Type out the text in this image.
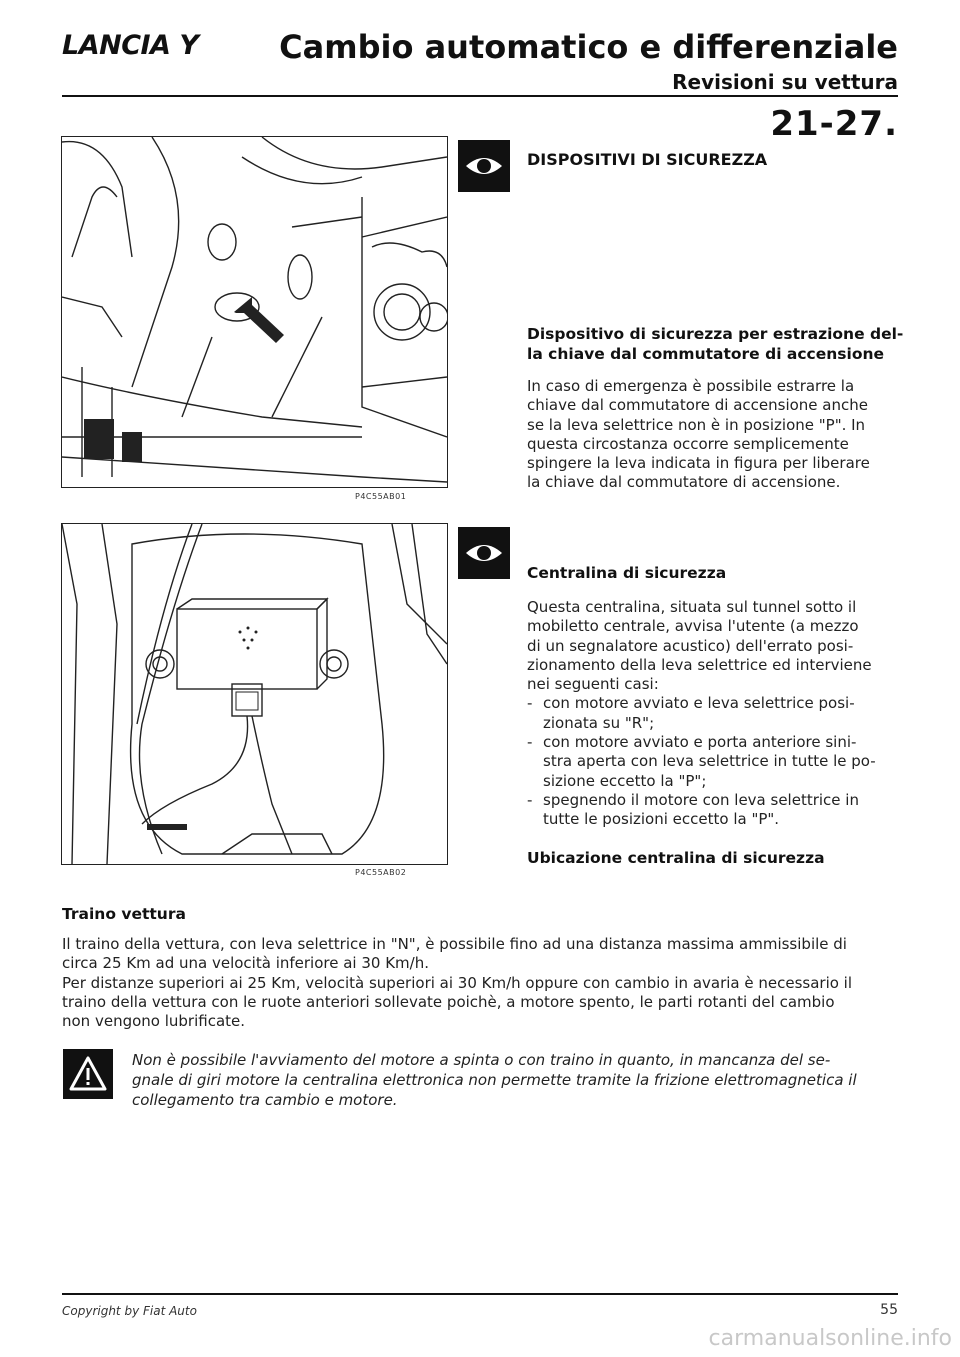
LANCIA Y	Cambio automatico e differenziale
Revisioni su vettura
21-27.
P4C55AB01
P4C55AB02
DISPOSITIVI DI SICUREZZA
Dispositivo di sicurezza per estrazione del-
la chiave dal commutatore di accensione

In caso di emergenza è possibile estrarre la

chiave dal commutatore di accensione anche

se la leva selettrice non è in posizione "P". In

questa circostanza occorre semplicemente

spingere la leva indicata in figura per liberare

la chiave dal commutatore di accensione.

Centralina di sicurezza

Questa centralina, situata sul tunnel sotto il

mobiletto centrale, avvisa l'utente (a mezzo

di un segnalatore acustico) dell'errato posi-

zionamento della leva selettrice ed interviene

nei seguenti casi:

- con motore avviato e leva selettrice posi-

zionata su "R";

- con motore avviato e porta anteriore sini-

stra aperta con leva selettrice in tutte le po-

sizione eccetto la "P";

- spegnendo il motore con leva selettrice in

tutte le posizioni eccetto la "P".

Ubicazione centralina di sicurezza
Traino vettura

Il traino della vettura, con leva selettrice in "N", è possibile fino ad una distanza massima ammissibile di

circa 25 Km ad una velocità inferiore ai 30 Km/h.

Per distanze superiori ai 25 Km, velocità superiori ai 30 Km/h oppure con cambio in avaria è necessario il

traino della vettura con le ruote anteriori sollevate poichè, a motore spento, le parti rotanti del cambio

non vengono lubrificate.

Non è possibile l'avviamento del motore a spinta o con traino in quanto, in mancanza del se-
gnale di giri motore la centralina elettronica non permette tramite la frizione elettromagnetica il
collegamento tra cambio e motore.
Copyright by Fiat Auto	55
carmanualsonline.info
